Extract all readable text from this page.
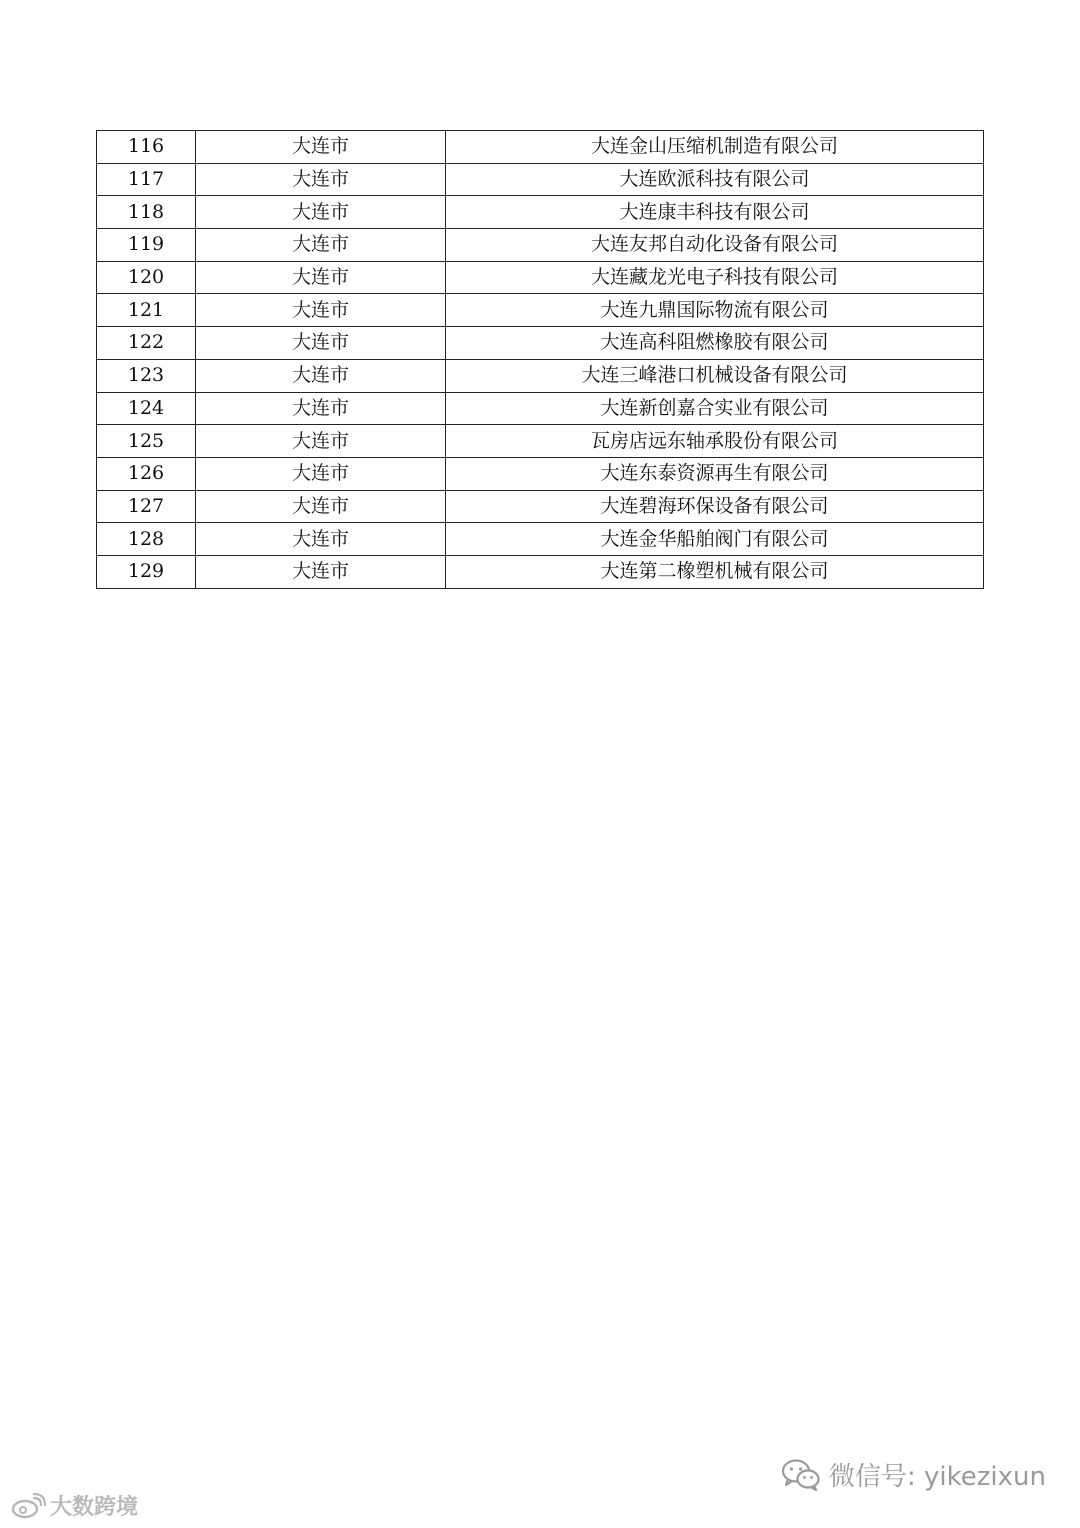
116	大连市	大连金山压缩机制造有限公司
117	大连市	大连欧派科技有限公司
118	大连市	大连康丰科技有限公司
119	大连市	大连友邦自动化设备有限公司
120	大连市	大连藏龙光电子科技有限公司
121	大连市	大连九鼎国际物流有限公司
122	大连市	大连高科阻燃橡胶有限公司
123	大连市	大连三峰港口机械设备有限公司
124	大连市	大连新创嘉合实业有限公司
125	大连市	瓦房店远东轴承股份有限公司
126	大连市	大连东泰资源再生有限公司
127	大连市	大连碧海环保设备有限公司
128	大连市	大连金华船舶阀门有限公司
129	大连市	大连第二橡塑机械有限公司
微信号: yikezixun
大数跨境
